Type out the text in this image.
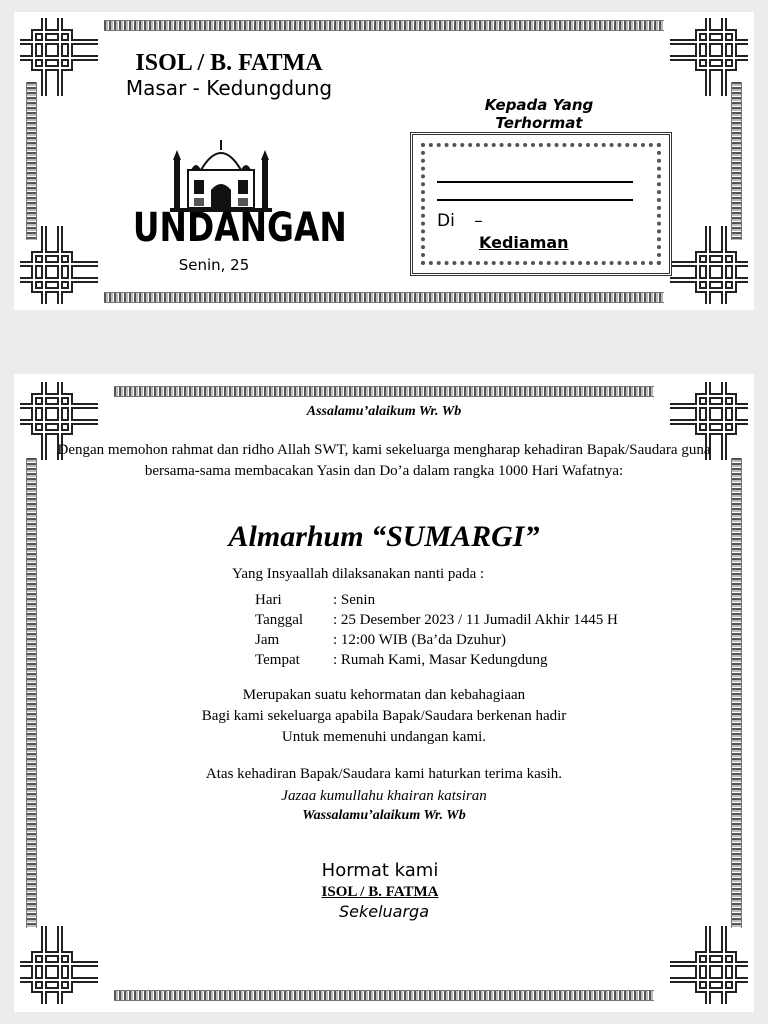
ISOL / B. FATMA
Masar - Kedungdung
UNDANGAN
Senin, 25
Kepada Yang Terhormat
Di –
Kediaman
Assalamu’alaikum Wr. Wb
Dengan memohon rahmat dan ridho Allah SWT, kami sekeluarga mengharap kehadiran Bapak/Saudara guna bersama-sama membacakan Yasin dan Do’a dalam rangka 1000 Hari Wafatnya:
Almarhum “SUMARGI”
Yang Insyaallah dilaksanakan nanti pada :
Hari	: Senin
Tanggal	: 25 Desember 2023 / 11 Jumadil Akhir 1445 H
Jam	: 12:00 WIB (Ba’da Dzuhur)
Tempat	: Rumah Kami, Masar Kedungdung
Merupakan suatu kehormatan dan kebahagiaan
Bagi kami sekeluarga apabila Bapak/Saudara berkenan hadir
Untuk memenuhi undangan kami.
Atas kehadiran Bapak/Saudara kami haturkan terima kasih.
Jazaa kumullahu khairan katsiran
Wassalamu’alaikum Wr. Wb
Hormat kami
ISOL / B. FATMA
Sekeluarga
